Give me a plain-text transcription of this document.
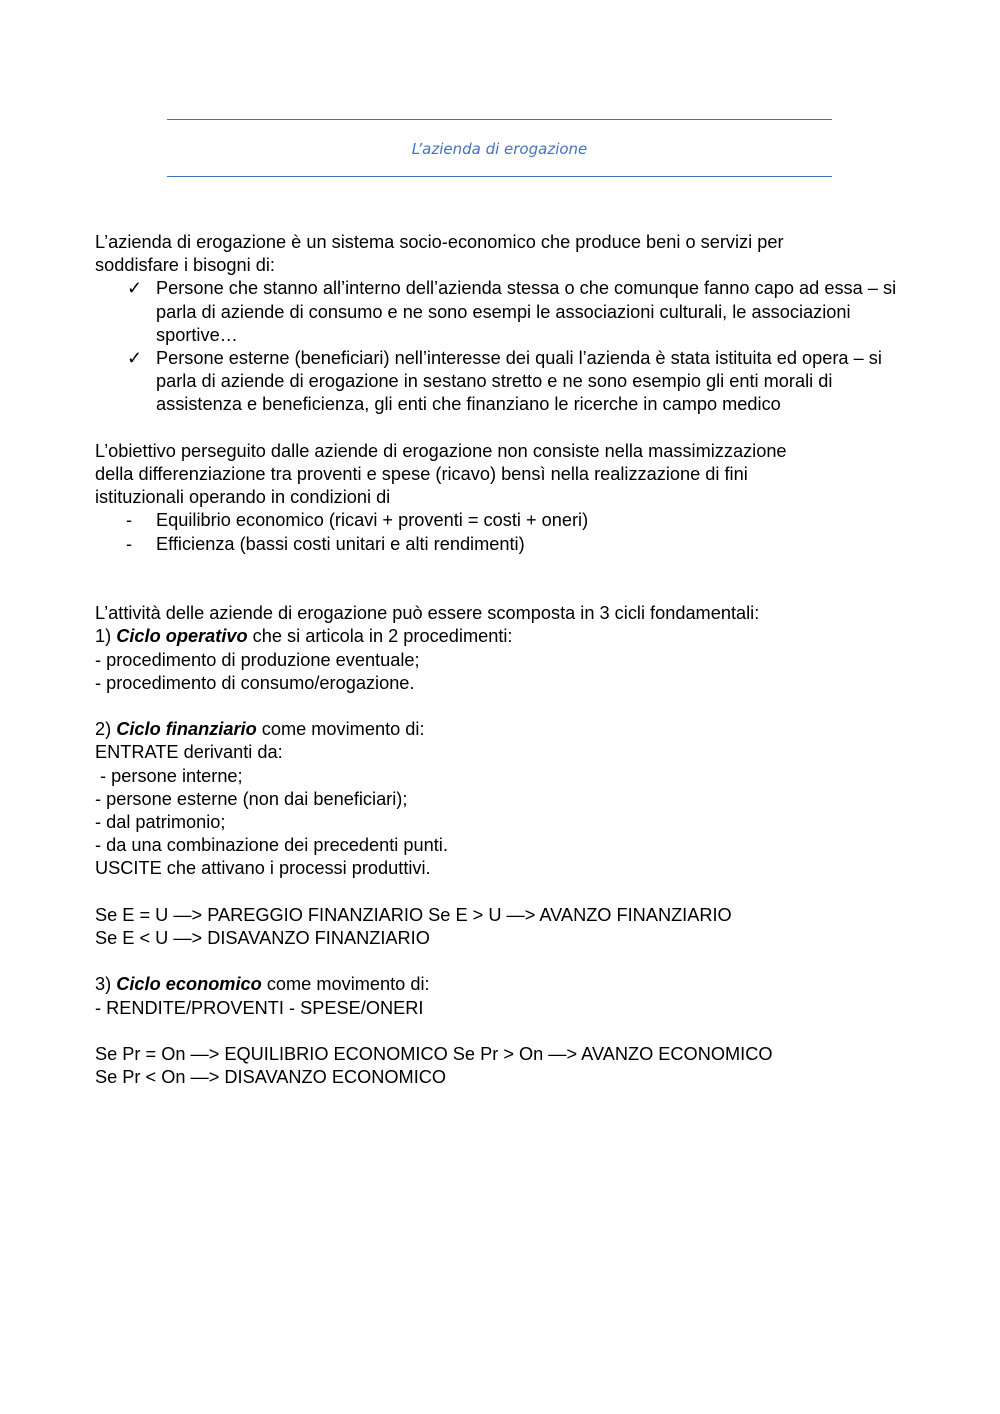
L’azienda di erogazione

L’azienda di erogazione è un sistema socio-economico che produce beni o servizi per

soddisfare i bisogni di:

✓ Persone che stanno all’interno dell’azienda stessa o che comunque fanno capo ad essa – si parla di aziende di consumo e ne sono esempi le associazioni culturali, le associazioni sportive…
✓ Persone esterne (beneficiari) nell’interesse dei quali l’azienda è stata istituita ed opera – si parla di aziende di erogazione in sestano stretto e ne sono esempio gli enti morali di assistenza e beneficienza, gli enti che finanziano le ricerche in campo medico

L’obiettivo perseguito dalle aziende di erogazione non consiste nella massimizzazione

della differenziazione tra proventi e spese (ricavo) bensì nella realizzazione di fini

istituzionali operando in condizioni di

- Equilibrio economico (ricavi + proventi = costi + oneri)
- Efficienza (bassi costi unitari e alti rendimenti)

L’attività delle aziende di erogazione può essere scomposta in 3 cicli fondamentali:

1) Ciclo operativo che si articola in 2 procedimenti:

- procedimento di produzione eventuale;

- procedimento di consumo/erogazione.

2) Ciclo finanziario come movimento di:

ENTRATE derivanti da:

- persone interne;

- persone esterne (non dai beneficiari);

- dal patrimonio;

- da una combinazione dei precedenti punti.

USCITE che attivano i processi produttivi.

Se E = U —> PAREGGIO FINANZIARIO Se E > U —> AVANZO FINANZIARIO

Se E < U —> DISAVANZO FINANZIARIO

3) Ciclo economico come movimento di:

- RENDITE/PROVENTI - SPESE/ONERI

Se Pr = On —> EQUILIBRIO ECONOMICO Se Pr > On —> AVANZO ECONOMICO

Se Pr < On —> DISAVANZO ECONOMICO
